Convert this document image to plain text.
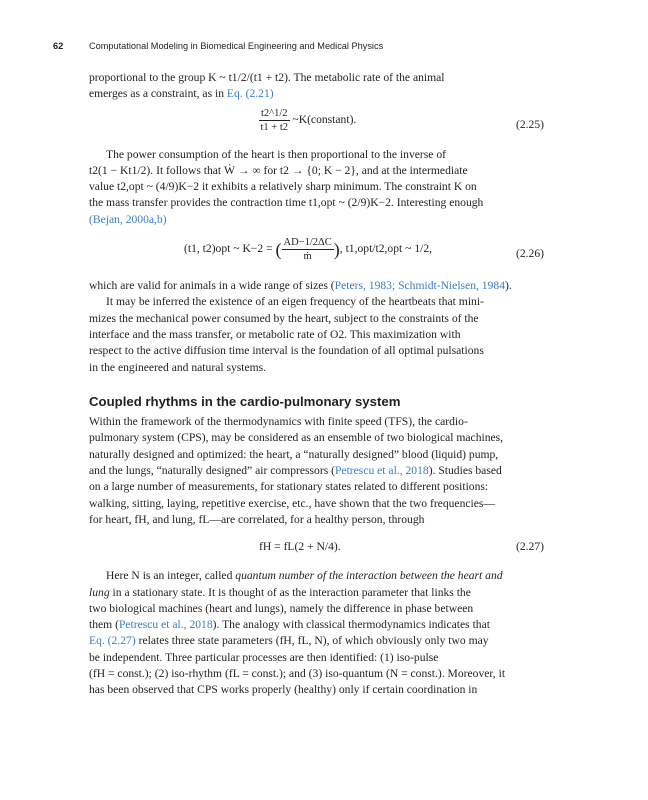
62	Computational Modeling in Biomedical Engineering and Medical Physics

proportional to the group K ~ t1/2/(t1 + t2). The metabolic rate of the animal
emerges as a constraint, as in Eq. (2.21)

$\frac{t2\^{}1/2}{t1 + t2}$ ~K(constant).	(2.25)

The power consumption of the heart is then proportional to the inverse of
t2(1 − Kt1/2). It follows that Ẇ → ∞ for t2 → {0; K − 2}, and at the intermediate
value t2,opt ~ (4/9)K−2 it exhibits a relatively sharp minimum. The constraint K on
the mass transfer provides the contraction time t1,opt ~ (2/9)K−2. Interesting enough
(Bejan, 2000a,b)

(t1, t2)opt ~ K−2 = ( $\frac{AD-1/2\Delta C}{\text{ṁ}}$ ), t1,opt/t2,opt ~ 1/2,	(2.26)

which are valid for animals in a wide range of sizes (Peters, 1983; Schmidt-Nielsen, 1984).

It may be inferred the existence of an eigen frequency of the heartbeats that mini-
mizes the mechanical power consumed by the heart, subject to the constraints of the
interface and the mass transfer, or metabolic rate of O2. This maximization with
respect to the active diffusion time interval is the foundation of all optimal pulsations
in the engineered and natural systems.

Coupled rhythms in the cardio-pulmonary system

Within the framework of the thermodynamics with finite speed (TFS), the cardio-
pulmonary system (CPS), may be considered as an ensemble of two biological machines,
naturally designed and optimized: the heart, a “naturally designed” blood (liquid) pump,
and the lungs, “naturally designed” air compressors (Petrescu et al., 2018). Studies based
on a large number of measurements, for stationary states related to different positions:
walking, sitting, laying, repetitive exercise, etc., have shown that the two frequencies—
for heart, fH, and lung, fL—are correlated, for a healthy person, through

fH = fL(2 + N/4).	(2.27)

Here N is an integer, called quantum number of the interaction between the heart and
lung in a stationary state. It is thought of as the interaction parameter that links the
two biological machines (heart and lungs), namely the difference in phase between
them (Petrescu et al., 2018). The analogy with classical thermodynamics indicates that
Eq. (2.27) relates three state parameters (fH, fL, N), of which obviously only two may
be independent. Three particular processes are then identified: (1) iso-pulse
(fH = const.); (2) iso-rhythm (fL = const.); and (3) iso-quantum (N = const.). Moreover, it
has been observed that CPS works properly (healthy) only if certain coordination in
